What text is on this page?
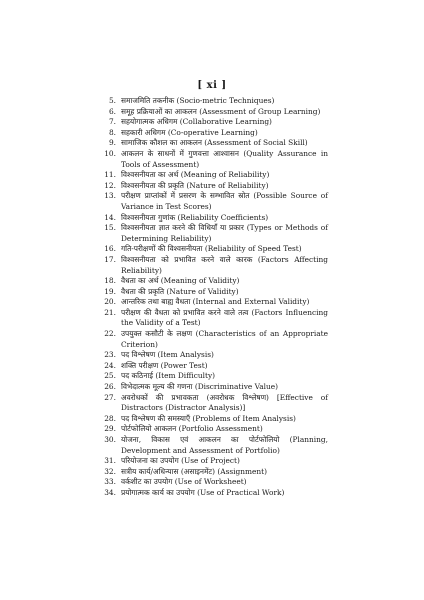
[ xi ]
5. समाजमिति तकनीक (Socio-metric Techniques)
6. समूह प्रक्रियाओं का आकलन (Assessment of Group Learning)
7. सहयोगात्मक अधिगम (Collaborative Learning)
8. सहकारी अधिगम (Co-operative Learning)
9. सामाजिक कौशल का आकलन (Assessment of Social Skill)
10. आकलन के साधनों में गुणवत्ता आश्वासन (Quality Assurance in Tools of Assessment)
11. विश्वसनीयता का अर्थ (Meaning of Reliability)
12. विश्वसनीयता की प्रकृति (Nature of Reliability)
13. परीक्षण प्राप्तांकों में प्रसरण के सम्भावित स्रोत (Possible Source of Variance in Test Scores)
14. विश्वसनीयता गुणांक (Reliability Coefficients)
15. विश्वसनीयता ज्ञात करने की विधियाँ या प्रकार (Types or Methods of Determining Reliability)
16. गति-परीक्षणों की विश्वसनीयता (Reliability of Speed Test)
17. विश्वसनीयता को प्रभावित करने वाले कारक (Factors Affecting Reliability)
18. वैधता का अर्थ (Meaning of Validity)
19. वैधता की प्रकृति (Nature of Validity)
20. आन्तरिक तथा बाह्य वैधता (Internal and External Validity)
21. परीक्षण की वैधता को प्रभावित करने वाले तत्व (Factors Influencing the Validity of a Test)
22. उपयुक्त कसौटी के लक्षण (Characteristics of an Appropriate Criterion)
23. पद विश्लेषण (Item Analysis)
24. शक्ति परीक्षण (Power Test)
25. पद कठिनाई (Item Difficulty)
26. विभेदात्मक मूल्य की गणना (Discriminative Value)
27. अवरोधकों की प्रभावकता (अवरोधक विश्लेषण) [Effective of Distractors (Distractor Analysis)]
28. पद विश्लेषण की समस्याएँ (Problems of Item Analysis)
29. पोर्टफोलियो आकलन (Portfolio Assessment)
30. योजना, विकास एवं आकलन का पोर्टफोलियो (Planning, Development and Assessment of Portfolio)
31. परियोजना का उपयोग (Use of Project)
32. सत्रीय कार्य/अधिन्यास (असाइनमेंट) (Assignment)
33. वर्कशीट का उपयोग (Use of Worksheet)
34. प्रयोगात्मक कार्य का उपयोग (Use of Practical Work)
